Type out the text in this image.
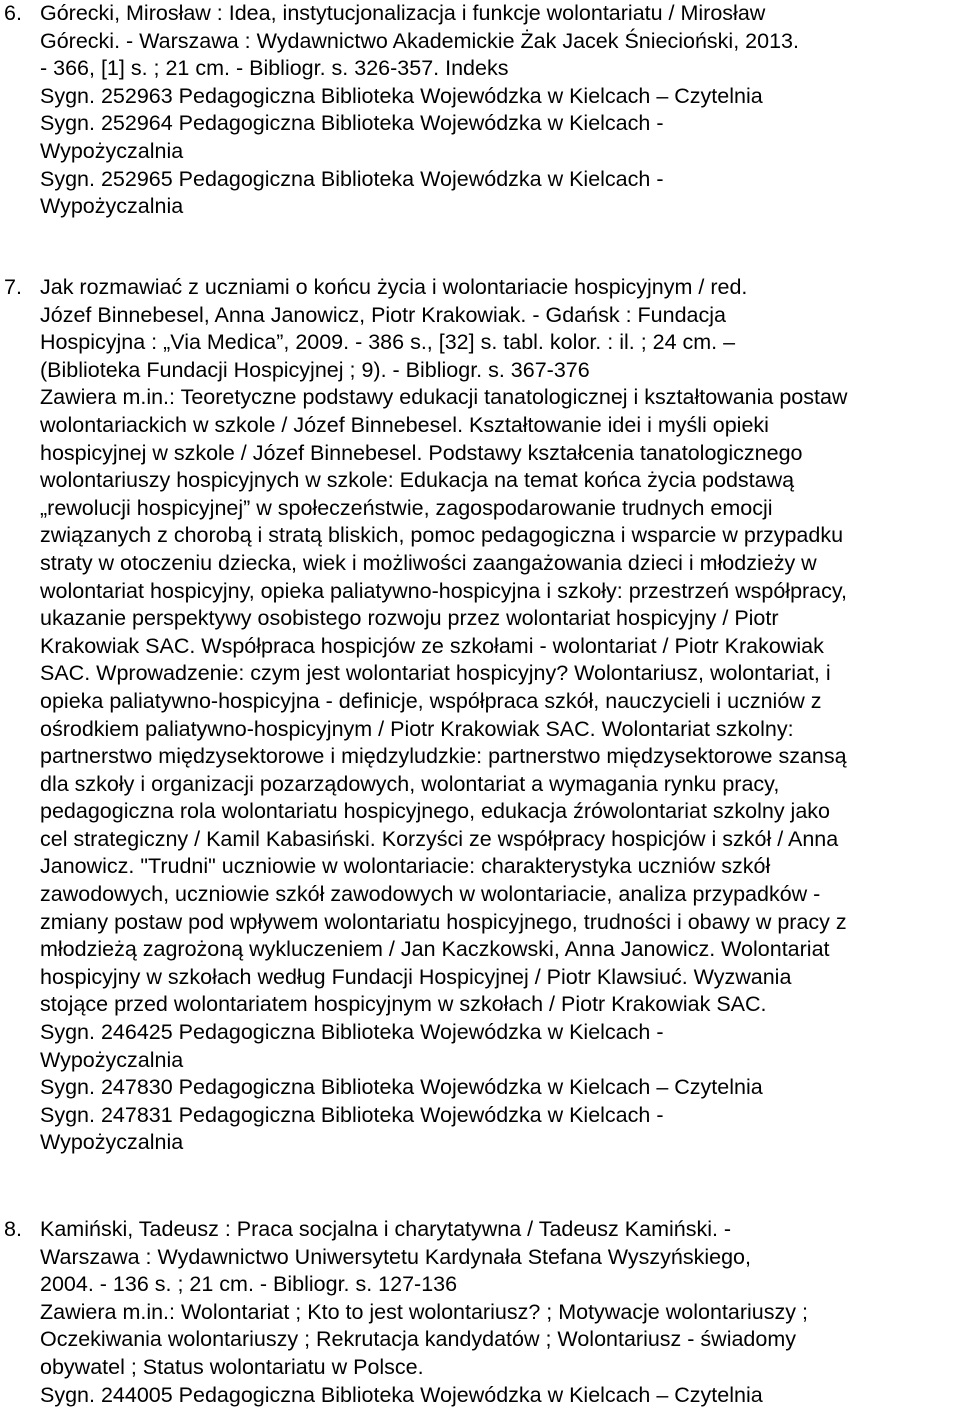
6. Górecki, Mirosław : Idea, instytucjonalizacja i funkcje wolontariatu / Mirosław
Górecki. - Warszawa : Wydawnictwo Akademickie Żak Jacek Śniecioński, 2013.
- 366, [1] s. ; 21 cm. - Bibliogr. s. 326-357. Indeks
Sygn. 252963 Pedagogiczna Biblioteka Wojewódzka w Kielcach – Czytelnia
Sygn. 252964 Pedagogiczna Biblioteka Wojewódzka w Kielcach -
Wypożyczalnia
Sygn. 252965 Pedagogiczna Biblioteka Wojewódzka w Kielcach -
Wypożyczalnia
7. Jak rozmawiać z uczniami o końcu życia i wolontariacie hospicyjnym / red.
Józef Binnebesel, Anna Janowicz, Piotr Krakowiak. - Gdańsk : Fundacja
Hospicyjna : „Via Medica”, 2009. - 386 s., [32] s. tabl. kolor. : il. ; 24 cm. –
(Biblioteka Fundacji Hospicyjnej ; 9). - Bibliogr. s. 367-376
Zawiera m.in.: Teoretyczne podstawy edukacji tanatologicznej i kształtowania postaw
wolontariackich w szkole / Józef Binnebesel. Kształtowanie idei i myśli opieki
hospicyjnej w szkole / Józef Binnebesel. Podstawy kształcenia tanatologicznego
wolontariuszy hospicyjnych w szkole: Edukacja na temat końca życia podstawą
„rewolucji hospicyjnej” w społeczeństwie, zagospodarowanie trudnych emocji
związanych z chorobą i stratą bliskich, pomoc pedagogiczna i wsparcie w przypadku
straty w otoczeniu dziecka, wiek i możliwości zaangażowania dzieci i młodzieży w
wolontariat hospicyjny, opieka paliatywno-hospicyjna i szkoły: przestrzeń współpracy,
ukazanie perspektywy osobistego rozwoju przez wolontariat hospicyjny / Piotr
Krakowiak SAC. Współpraca hospicjów ze szkołami - wolontariat / Piotr Krakowiak
SAC. Wprowadzenie: czym jest wolontariat hospicyjny? Wolontariusz, wolontariat, i
opieka paliatywno-hospicyjna - definicje, współpraca szkół, nauczycieli i uczniów z
ośrodkiem paliatywno-hospicyjnym / Piotr Krakowiak SAC. Wolontariat szkolny:
partnerstwo międzysektorowe i międzyludzkie: partnerstwo międzysektorowe szansą
dla szkoły i organizacji pozarządowych, wolontariat a wymagania rynku pracy,
pedagogiczna rola wolontariatu hospicyjnego, edukacja źrówolontariat szkolny jako
cel strategiczny / Kamil Kabasiński. Korzyści ze współpracy hospicjów i szkół / Anna
Janowicz. "Trudni" uczniowie w wolontariacie: charakterystyka uczniów szkół
zawodowych, uczniowie szkół zawodowych w wolontariacie, analiza przypadków -
zmiany postaw pod wpływem wolontariatu hospicyjnego, trudności i obawy w pracy z
młodzieżą zagrożoną wykluczeniem / Jan Kaczkowski, Anna Janowicz. Wolontariat
hospicyjny w szkołach według Fundacji Hospicyjnej / Piotr Klawsiuć. Wyzwania
stojące przed wolontariatem hospicyjnym w szkołach / Piotr Krakowiak SAC.
Sygn. 246425 Pedagogiczna Biblioteka Wojewódzka w Kielcach -
Wypożyczalnia
Sygn. 247830 Pedagogiczna Biblioteka Wojewódzka w Kielcach – Czytelnia
Sygn. 247831 Pedagogiczna Biblioteka Wojewódzka w Kielcach -
Wypożyczalnia
8. Kamiński, Tadeusz : Praca socjalna i charytatywna / Tadeusz Kamiński. -
Warszawa : Wydawnictwo Uniwersytetu Kardynała Stefana Wyszyńskiego,
2004. - 136 s. ; 21 cm. - Bibliogr. s. 127-136
Zawiera m.in.: Wolontariat ; Kto to jest wolontariusz? ; Motywacje wolontariuszy ;
Oczekiwania wolontariuszy ; Rekrutacja kandydatów ; Wolontariusz - świadomy
obywatel ; Status wolontariatu w Polsce.
Sygn. 244005 Pedagogiczna Biblioteka Wojewódzka w Kielcach – Czytelnia
